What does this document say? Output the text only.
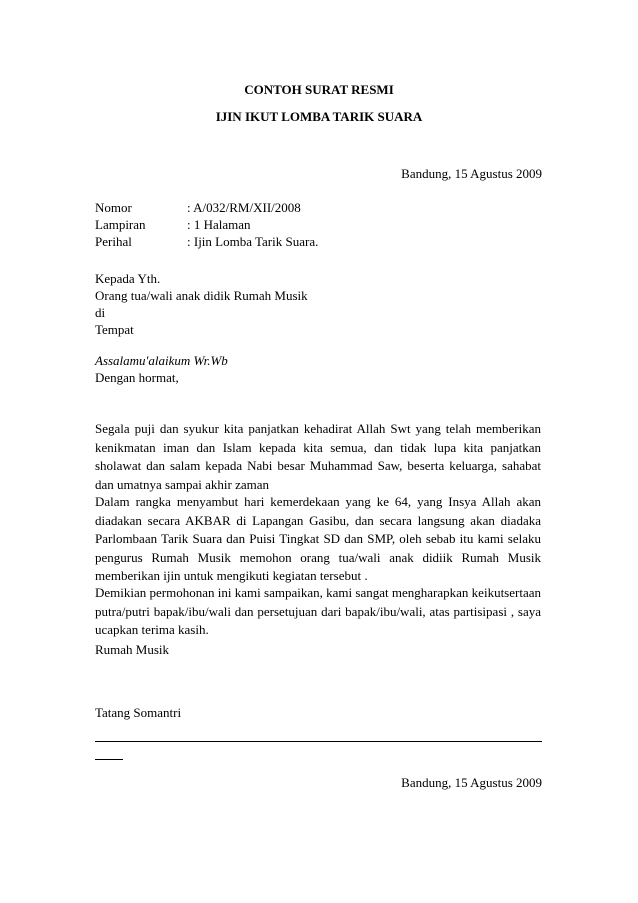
CONTOH SURAT RESMI
IJIN IKUT LOMBA TARIK SUARA
Bandung, 15 Agustus 2009
Nomor	: A/032/RM/XII/2008
Lampiran	: 1 Halaman
Perihal	: Ijin Lomba Tarik Suara.
Kepada Yth.
Orang tua/wali anak didik Rumah Musik
di
Tempat
Assalamu'alaikum Wr.Wb
Dengan hormat,
Segala puji dan syukur kita panjatkan kehadirat Allah Swt yang telah memberikan
kenikmatan iman dan Islam kepada kita semua, dan tidak lupa kita panjatkan
sholawat dan salam kepada Nabi besar Muhammad Saw, beserta keluarga, sahabat
dan umatnya sampai akhir zaman
Dalam rangka menyambut hari kemerdekaan yang ke 64, yang Insya Allah akan
diadakan secara AKBAR di Lapangan Gasibu, dan secara langsung akan diadaka
Parlombaan Tarik Suara dan Puisi Tingkat SD dan SMP, oleh sebab itu kami selaku
pengurus Rumah Musik memohon orang tua/wali anak didiik Rumah Musik
memberikan ijin untuk mengikuti kegiatan tersebut .
Demikian permohonan ini kami sampaikan, kami sangat mengharapkan keikutsertaan
putra/putri bapak/ibu/wali dan persetujuan dari bapak/ibu/wali, atas partisipasi , saya
ucapkan terima kasih.
Rumah Musik
Tatang Somantri
Bandung, 15 Agustus 2009
